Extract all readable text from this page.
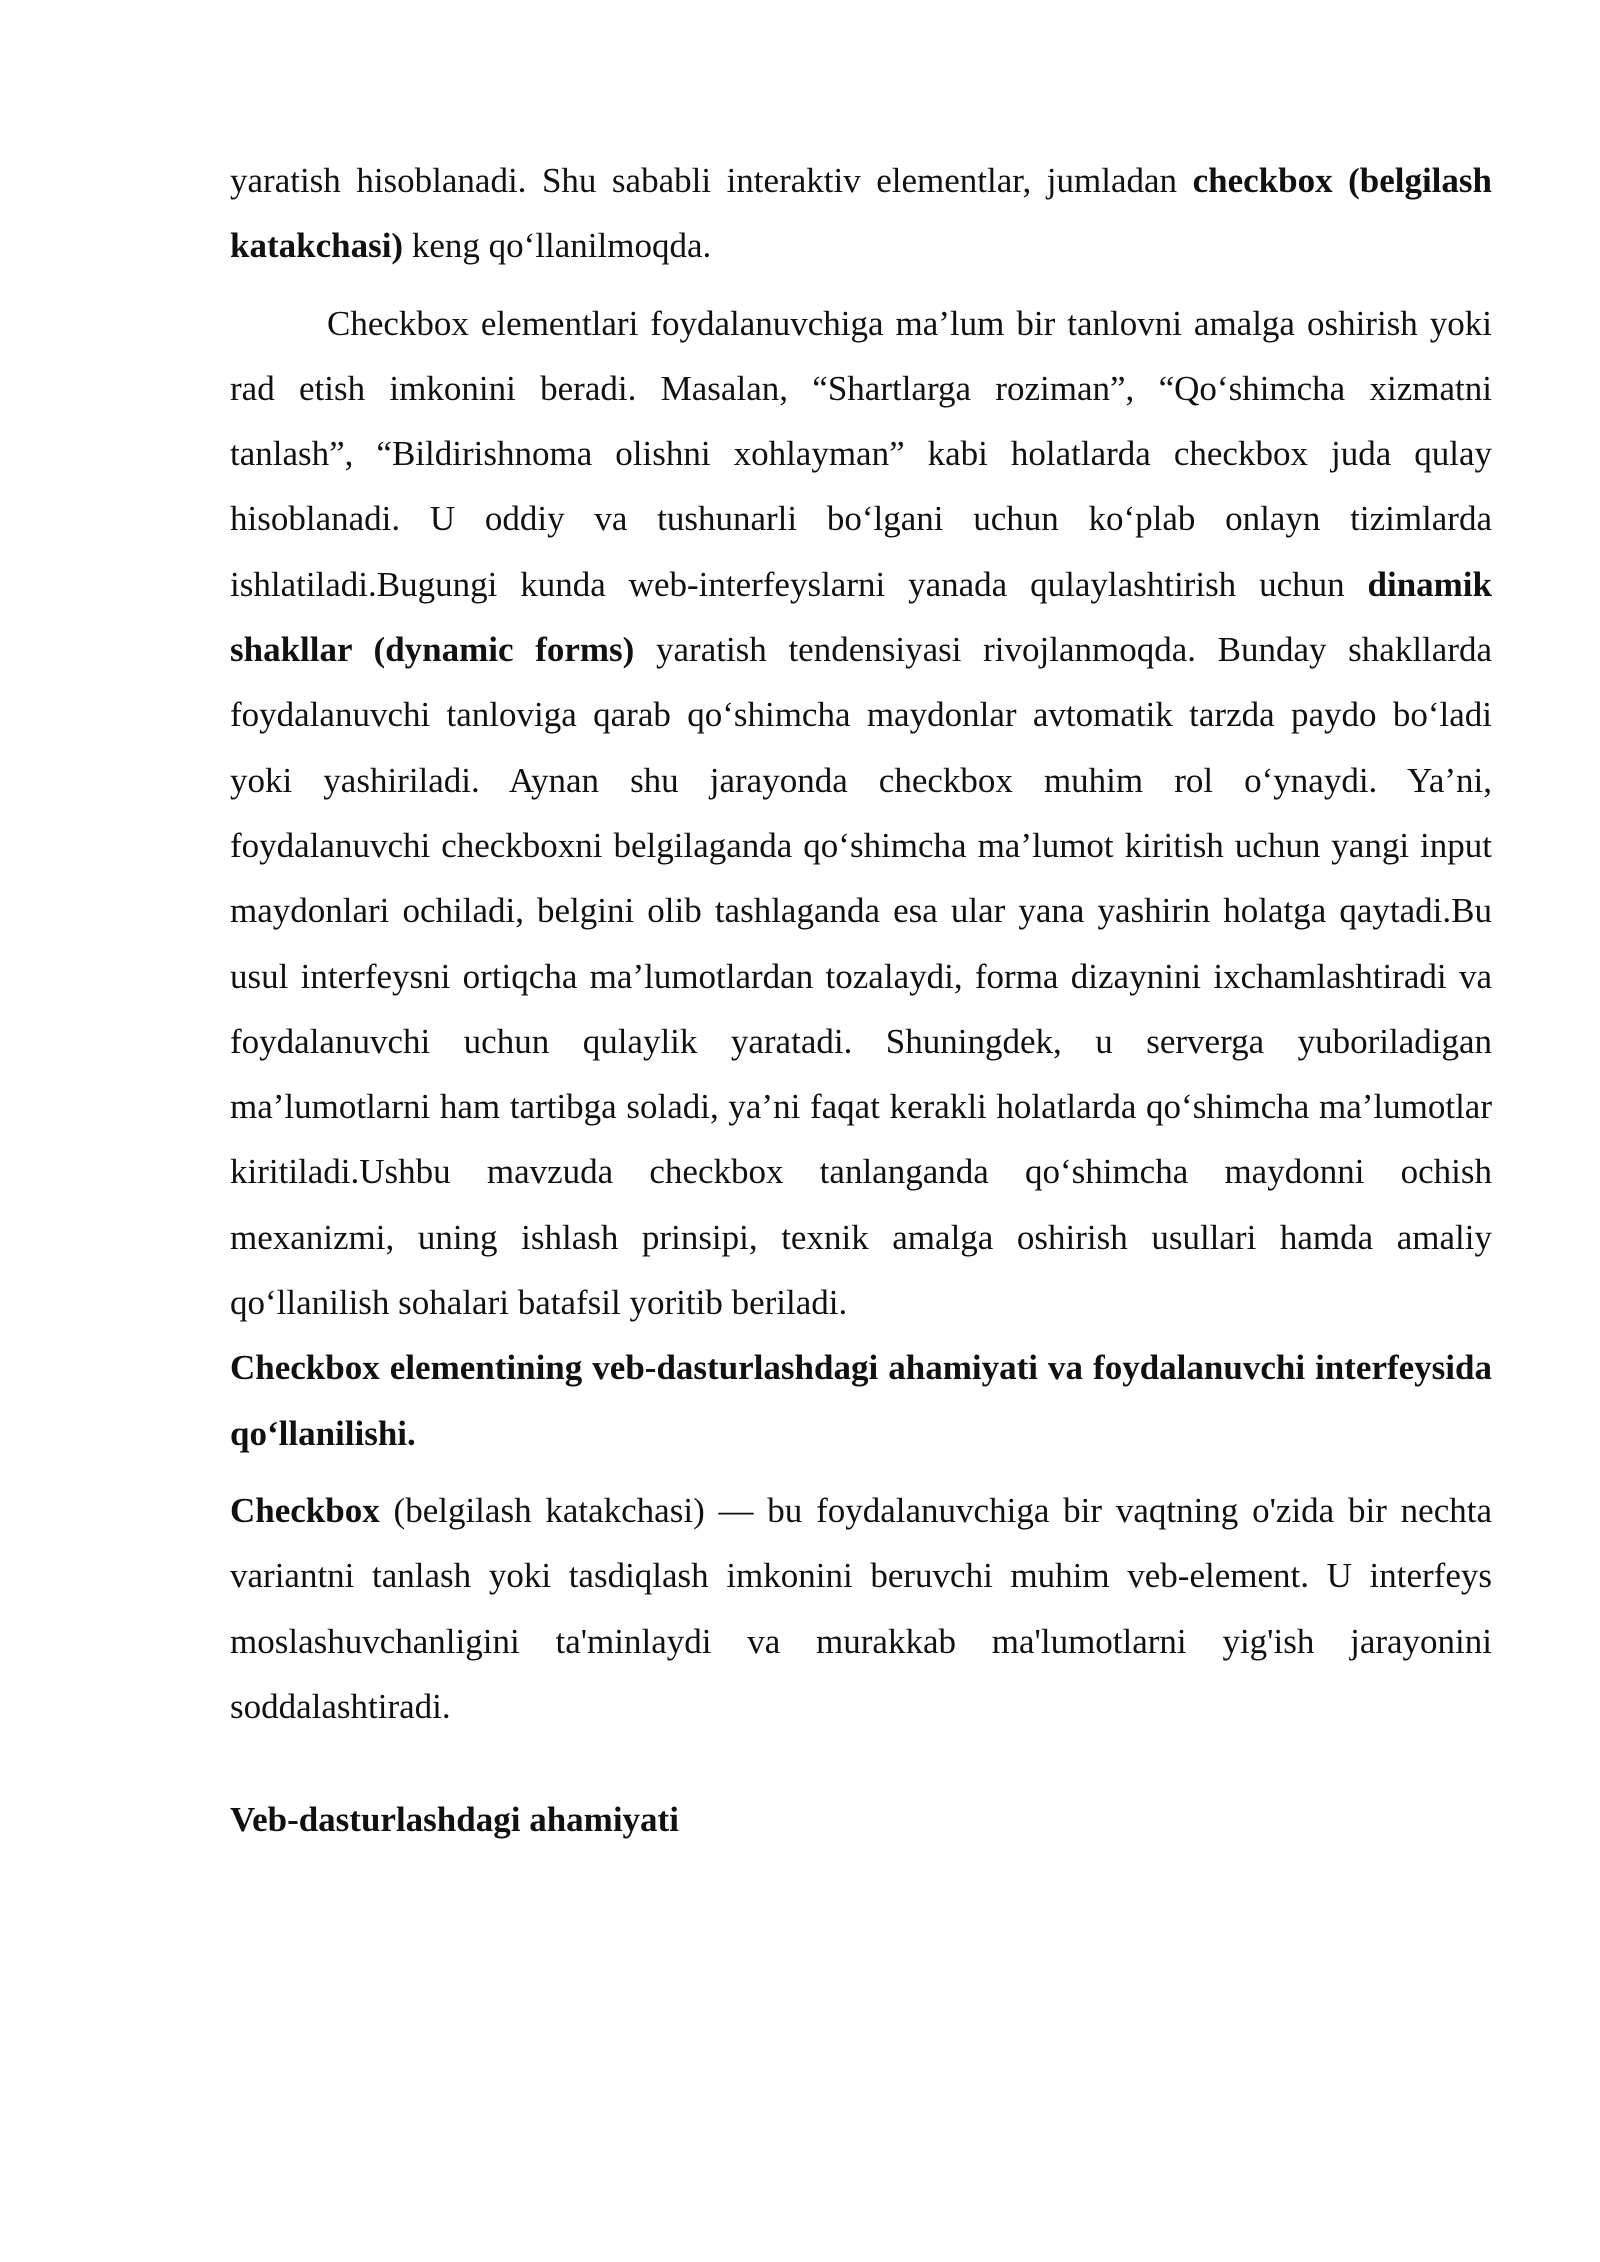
yaratish hisoblanadi. Shu sababli interaktiv elementlar, jumladan checkbox (belgilash katakchasi) keng qo‘llanilmoqda.

Checkbox elementlari foydalanuvchiga ma’lum bir tanlovni amalga oshirish yoki rad etish imkonini beradi. Masalan, “Shartlarga roziman”, “Qo‘shimcha xizmatni tanlash”, “Bildirishnoma olishni xohlayman” kabi holatlarda checkbox juda qulay hisoblanadi. U oddiy va tushunarli bo‘lgani uchun ko‘plab onlayn tizimlarda ishlatiladi.Bugungi kunda web-interfeyslarni yanada qulaylashtirish uchun dinamik shakllar (dynamic forms) yaratish tendensiyasi rivojlanmoqda. Bunday shakllarda foydalanuvchi tanloviga qarab qo‘shimcha maydonlar avtomatik tarzda paydo bo‘ladi yoki yashiriladi. Aynan shu jarayonda checkbox muhim rol o‘ynaydi. Ya’ni, foydalanuvchi checkboxni belgilaganda qo‘shimcha ma’lumot kiritish uchun yangi input maydonlari ochiladi, belgini olib tashlaganda esa ular yana yashirin holatga qaytadi.Bu usul interfeysni ortiqcha ma’lumotlardan tozalaydi, forma dizaynini ixchamlashtiradi va foydalanuvchi uchun qulaylik yaratadi. Shuningdek, u serverga yuboriladigan ma’lumotlarni ham tartibga soladi, ya’ni faqat kerakli holatlarda qo‘shimcha ma’lumotlar kiritiladi.Ushbu mavzuda checkbox tanlanganda qo‘shimcha maydonni ochish mexanizmi, uning ishlash prinsipi, texnik amalga oshirish usullari hamda amaliy qo‘llanilish sohalari batafsil yoritib beriladi.

Checkbox elementining veb-dasturlashdagi ahamiyati va foydalanuvchi interfeysida qo‘llanilishi.

Checkbox (belgilash katakchasi) — bu foydalanuvchiga bir vaqtning o'zida bir nechta variantni tanlash yoki tasdiqlash imkonini beruvchi muhim veb-element. U interfeys moslashuvchanligini ta'minlaydi va murakkab ma'lumotlarni yig'ish jarayonini soddalashtiradi.

Veb-dasturlashdagi ahamiyati
